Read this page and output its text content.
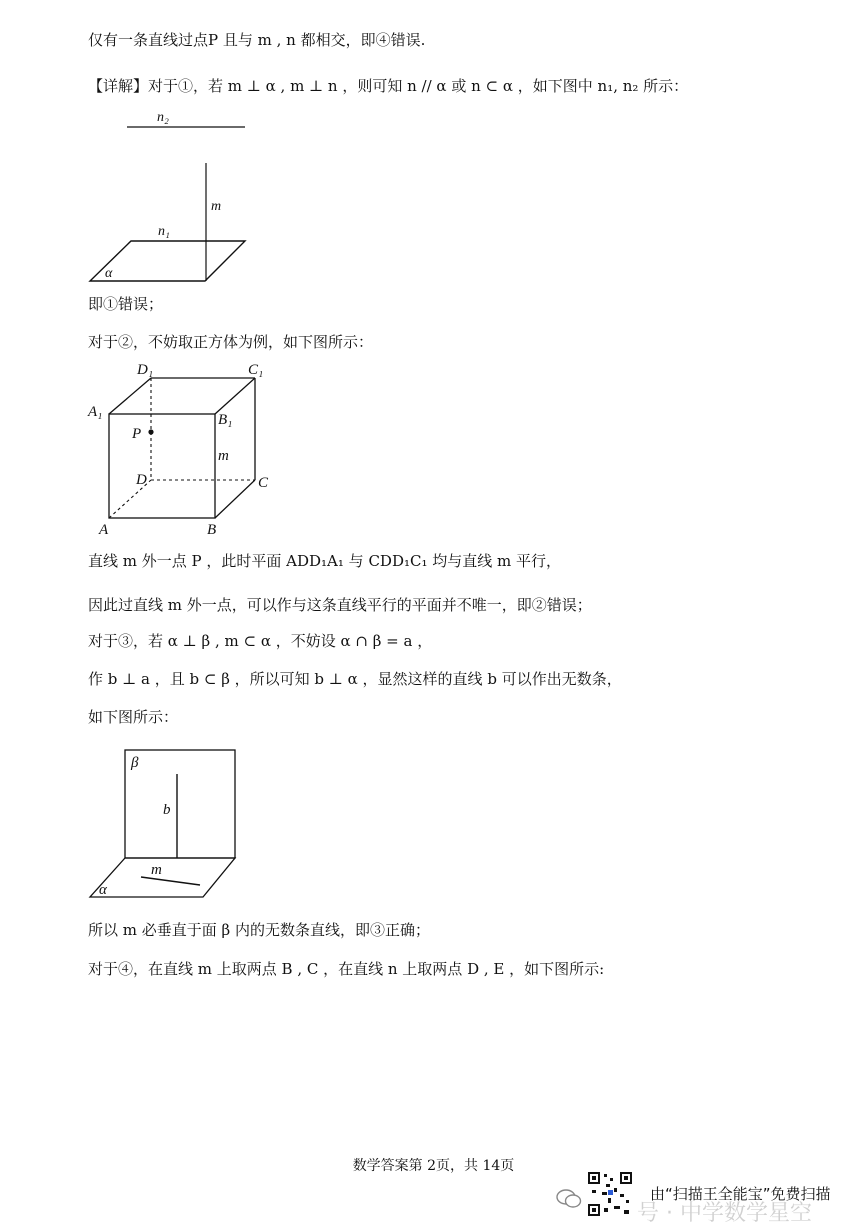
仅有一条直线过点P 且与 m , n 都相交，即④错误.
【详解】对于①，若 m ⊥ α , m ⊥ n ，则可知 n // α 或 n ⊂ α ，如下图中 n₁, n₂ 所示：
n₂
m
n₁
α
即①错误；
对于②，不妨取正方体为例，如下图所示：
D₁	C₁
A₁	B₁
P
m
D	C
A	B
直线 m 外一点 P ，此时平面 ADD₁A₁ 与 CDD₁C₁ 均与直线 m 平行，
因此过直线 m 外一点，可以作与这条直线平行的平面并不唯一，即②错误；
对于③，若 α ⊥ β , m ⊂ α ，不妨设 α ∩ β = a ，
作 b ⊥ a ，且 b ⊂ β ，所以可知 b ⊥ α ，显然这样的直线 b 可以作出无数条，
如下图所示：
β
b
m
α
所以 m 必垂直于面 β 内的无数条直线，即③正确；
对于④，在直线 m 上取两点 B , C ，在直线 n 上取两点 D , E ，如下图所示:
数学答案第 2页，共 14页
号 · 中学数学星空
由“扫描王全能宝”免费扫描
